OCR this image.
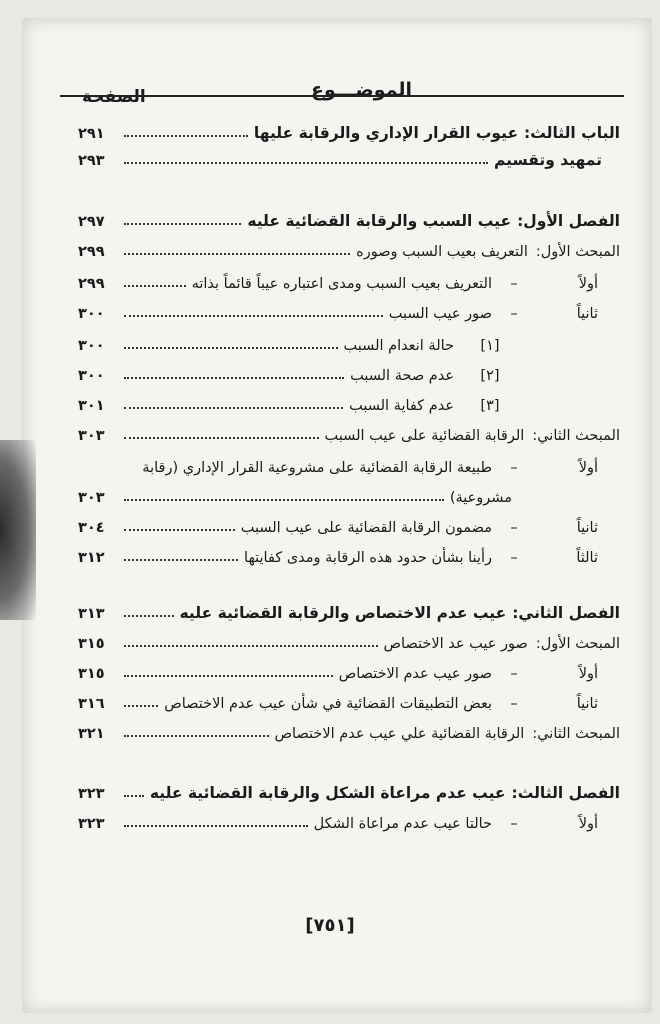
الموضـــوع
الصفحة
الباب الثالث:
عيوب القرار الإداري والرقابة عليها
٢٩١
تمهيد وتقسيم
٢٩٣
الفصل الأول:
عيب السبب والرقابة القضائية عليه
٢٩٧
المبحث الأول:
التعريف بعيب السبب وصوره
٢٩٩
أولاً
–
التعريف بعيب السبب ومدى اعتباره عيباً قائماً بذاته
٢٩٩
ثانياً
–
صور عيب السبب
٣٠٠
[١]
حالة انعدام السبب
٣٠٠
[٢]
عدم صحة السبب
٣٠٠
[٣]
عدم كفاية السبب
٣٠١
المبحث الثاني:
الرقابة القضائية على عيب السبب
٣٠٣
أولاً
–
طبيعة الرقابة القضائية على مشروعية القرار الإداري (رقابة
مشروعية)
٣٠٣
ثانياً
–
مضمون الرقابة القضائية على عيب السبب
٣٠٤
ثالثاً
–
رأينا بشأن حدود هذه الرقابة ومدى كفايتها
٣١٢
الفصل الثاني:
عيب عدم الاختصاص والرقابة القضائية عليه
٣١٣
المبحث الأول:
صور عيب عد الاختصاص
٣١٥
أولاً
–
صور عيب عدم الاختصاص
٣١٥
ثانياً
–
بعض التطبيقات القضائية في شأن عيب عدم الاختصاص
٣١٦
المبحث الثاني:
الرقابة القضائية علي عيب عدم الاختصاص
٣٢١
الفصل الثالث:
عيب عدم مراعاة الشكل والرقابة القضائية عليه
٣٢٣
أولاً
–
حالتا عيب عدم مراعاة الشكل
٣٢٣
[٧٥١]
